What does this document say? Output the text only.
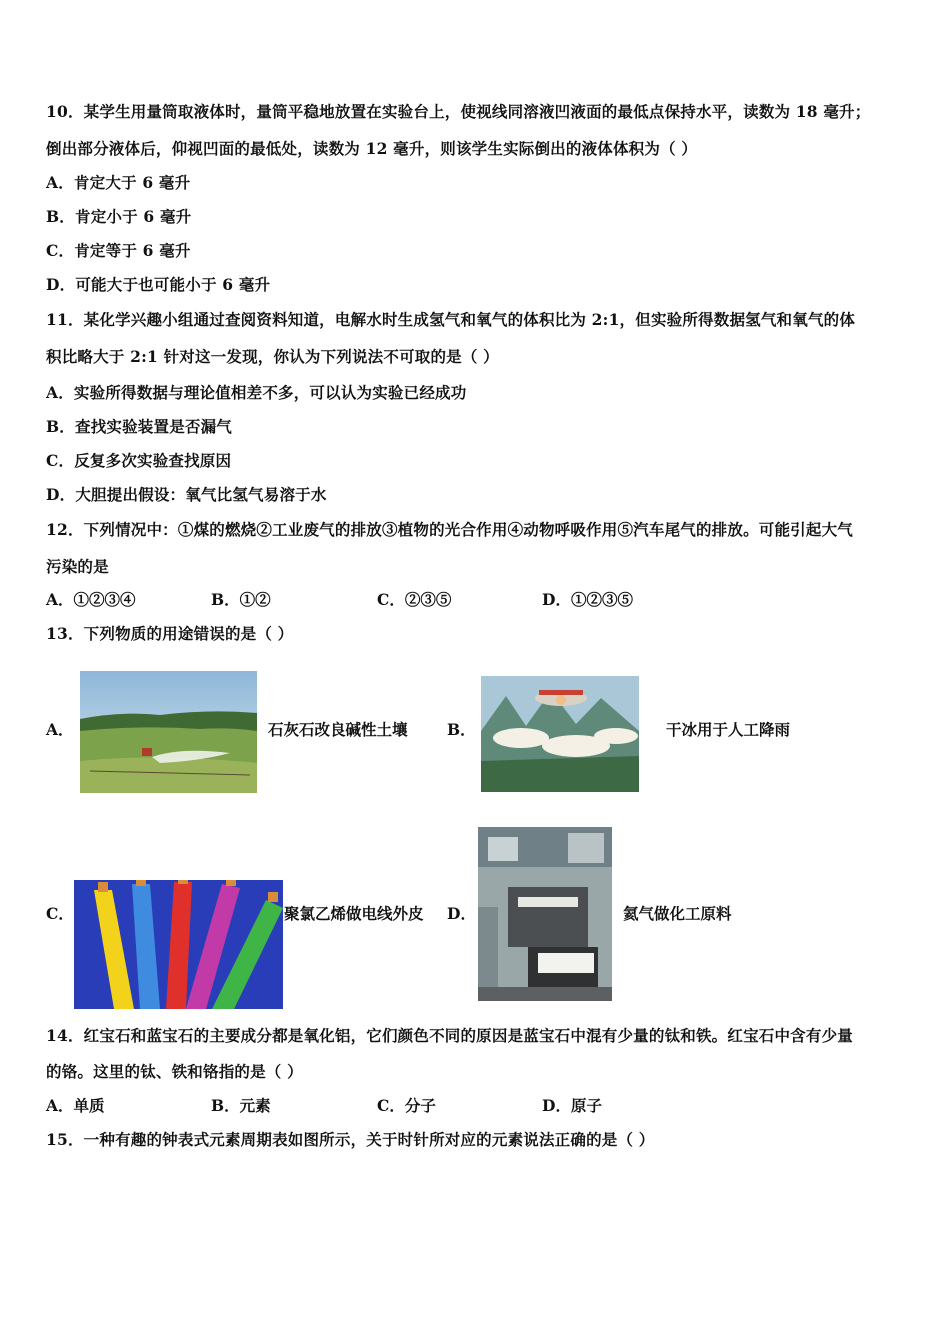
10．某学生用量筒取液体时，量筒平稳地放置在实验台上，使视线同溶液凹液面的最低点保持水平，读数为 18 毫升；
倒出部分液体后，仰视凹面的最低处，读数为 12 毫升，则该学生实际倒出的液体体积为（ ）
A．肯定大于 6 毫升
B．肯定小于 6 毫升
C．肯定等于 6 毫升
D．可能大于也可能小于 6 毫升
11．某化学兴趣小组通过查阅资料知道，电解水时生成氢气和氧气的体积比为 2:1，但实验所得数据氢气和氧气的体
积比略大于 2:1 针对这一发现，你认为下列说法不可取的是（ ）
A．实验所得数据与理论值相差不多，可以认为实验已经成功
B．查找实验装置是否漏气
C．反复多次实验查找原因
D．大胆提出假设：氧气比氢气易溶于水
12．下列情况中：①煤的燃烧②工业废气的排放③植物的光合作用④动物呼吸作用⑤汽车尾气的排放。可能引起大气
污染的是
A．①②③④	B．①②	C．②③⑤	D．①②③⑤
13．下列物质的用途错误的是（ ）
A．	石灰石改良碱性土壤	B．	干冰用于人工降雨
C．	聚氯乙烯做电线外皮 D．	氦气做化工原料
14．红宝石和蓝宝石的主要成分都是氧化铝，它们颜色不同的原因是蓝宝石中混有少量的钛和铁。红宝石中含有少量
的铬。这里的钛、铁和铬指的是（ ）
A．单质	B．元素	C．分子	D．原子
15．一种有趣的钟表式元素周期表如图所示，关于时针所对应的元素说法正确的是（ ）
